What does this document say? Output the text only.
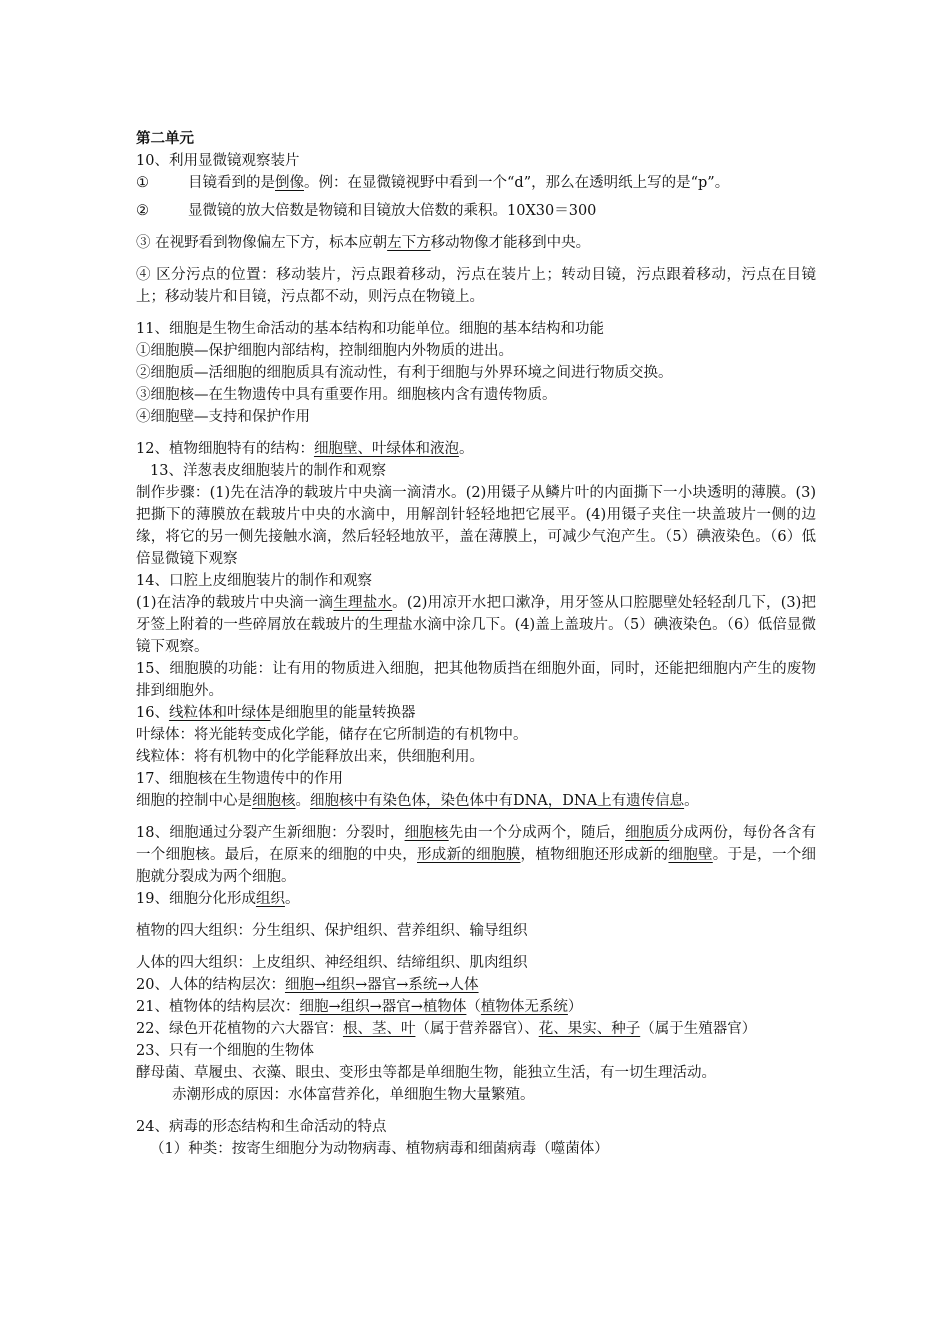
第二单元
10、利用显微镜观察装片
①	目镜看到的是倒像。例：在显微镜视野中看到一个“d”，那么在透明纸上写的是“p”。
②	显微镜的放大倍数是物镜和目镜放大倍数的乘积。10X30＝300
③ 在视野看到物像偏左下方，标本应朝左下方移动物像才能移到中央。
④ 区分污点的位置：移动装片，污点跟着移动，污点在装片上；转动目镜，污点跟着移动，污点在目镜上；移动装片和目镜，污点都不动，则污点在物镜上。
11、细胞是生物生命活动的基本结构和功能单位。细胞的基本结构和功能
①细胞膜—保护细胞内部结构，控制细胞内外物质的进出。
②细胞质—活细胞的细胞质具有流动性，有利于细胞与外界环境之间进行物质交换。
③细胞核—在生物遗传中具有重要作用。细胞核内含有遗传物质。
④细胞壁—支持和保护作用
12、植物细胞特有的结构：细胞壁、叶绿体和液泡。
13、洋葱表皮细胞装片的制作和观察
制作步骤：(1)先在洁净的载玻片中央滴一滴清水。(2)用镊子从鳞片叶的内面撕下一小块透明的薄膜。(3)把撕下的薄膜放在载玻片中央的水滴中，用解剖针轻轻地把它展平。(4)用镊子夹住一块盖玻片一侧的边缘，将它的另一侧先接触水滴，然后轻轻地放平，盖在薄膜上，可减少气泡产生。（5）碘液染色。（6）低倍显微镜下观察
14、口腔上皮细胞装片的制作和观察
(1)在洁净的载玻片中央滴一滴生理盐水。(2)用凉开水把口漱净，用牙签从口腔腮壁处轻轻刮几下，(3)把牙签上附着的一些碎屑放在载玻片的生理盐水滴中涂几下。(4)盖上盖玻片。（5）碘液染色。（6）低倍显微镜下观察。
15、细胞膜的功能：让有用的物质进入细胞，把其他物质挡在细胞外面，同时，还能把细胞内产生的废物排到细胞外。
16、线粒体和叶绿体是细胞里的能量转换器
叶绿体：将光能转变成化学能，储存在它所制造的有机物中。
线粒体：将有机物中的化学能释放出来，供细胞利用。
17、细胞核在生物遗传中的作用
细胞的控制中心是细胞核。细胞核中有染色体，染色体中有DNA，DNA上有遗传信息。
18、细胞通过分裂产生新细胞：分裂时，细胞核先由一个分成两个，随后，细胞质分成两份，每份各含有一个细胞核。最后，在原来的细胞的中央，形成新的细胞膜，植物细胞还形成新的细胞壁。于是，一个细胞就分裂成为两个细胞。
19、细胞分化形成组织。
植物的四大组织：分生组织、保护组织、营养组织、输导组织
人体的四大组织：上皮组织、神经组织、结缔组织、肌肉组织
20、人体的结构层次：细胞→组织→器官→系统→人体
21、植物体的结构层次：细胞→组织→器官→植物体（植物体无系统）
22、绿色开花植物的六大器官：根、茎、叶（属于营养器官）、花、果实、种子（属于生殖器官）
23、只有一个细胞的生物体
酵母菌、草履虫、衣藻、眼虫、变形虫等都是单细胞生物，能独立生活，有一切生理活动。
赤潮形成的原因：水体富营养化，单细胞生物大量繁殖。
24、病毒的形态结构和生命活动的特点
（1）种类：按寄生细胞分为动物病毒、植物病毒和细菌病毒（噬菌体）
